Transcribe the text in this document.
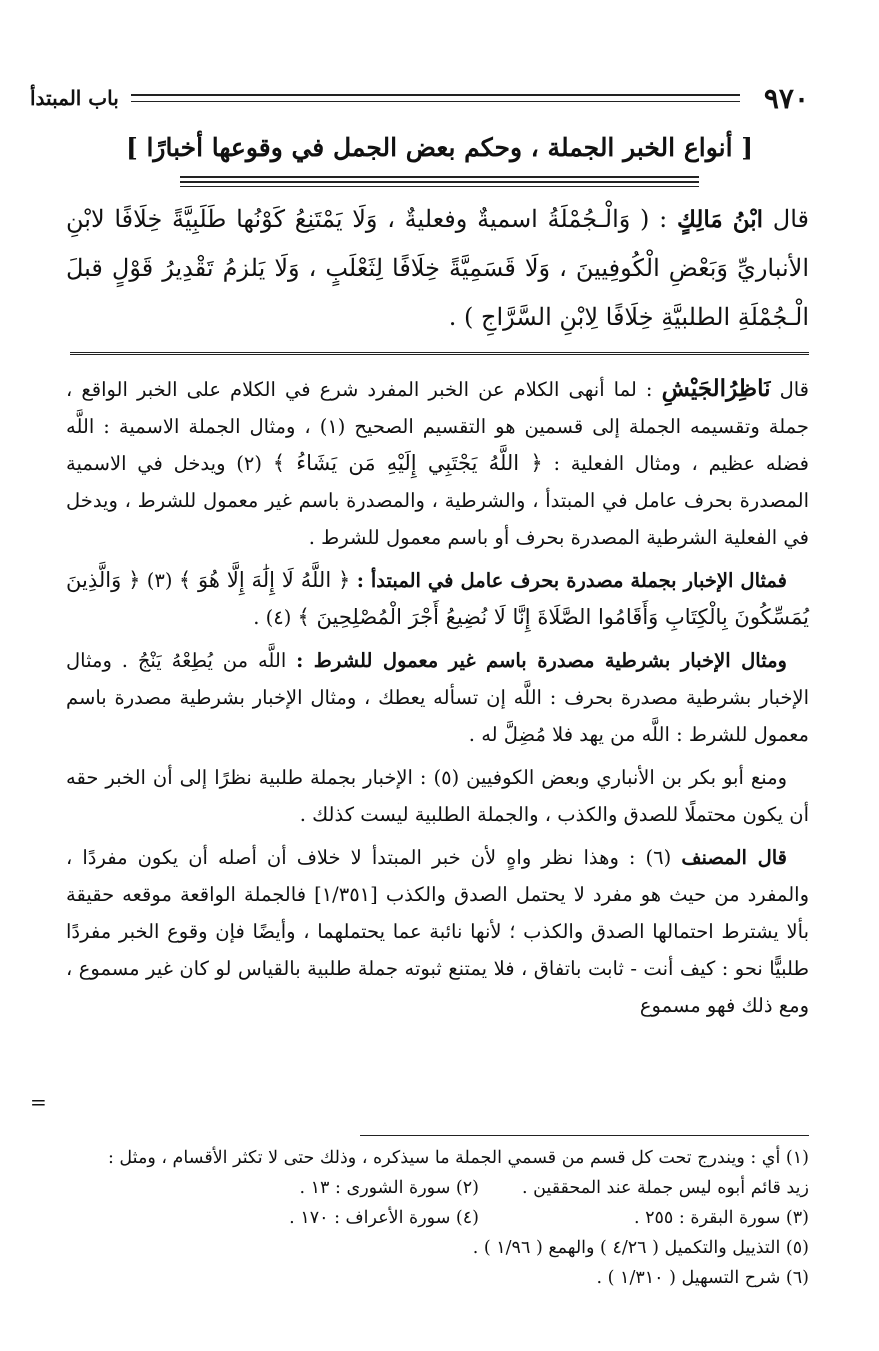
٩٧٠
باب المبتدأ
[ أنواع الخبر الجملة ، وحكم بعض الجمل في وقوعها أخبارًا ]
قال ابْنُ مَالِكٍ : ( وَالْـجُمْلَةُ اسميةٌ وفعليةٌ ، وَلَا يَمْتَنِعُ كَوْنُها طَلَبِيَّةً خِلَافًا لابْنِ الأنباريِّ وَبَعْضِ الْكُوفِيينَ ، وَلَا قَسَمِيَّةً خِلَافًا لِثَعْلَبٍ ، وَلَا يَلزمُ تَقْدِيرُ قَوْلٍ قبلَ الْـجُمْلَةِ الطلبيَّةِ خِلَافًا لِابْنِ السَّرَّاجِ ) .

قال نَاظِرُالجَيْشِ : لما أنهى الكلام عن الخبر المفرد شرع في الكلام على الخبر الواقع ، جملة وتقسيمه الجملة إلى قسمين هو التقسيم الصحيح (١) ، ومثال الجملة الاسمية : اللَّه فضله عظيم ، ومثال الفعلية : ﴿ اللَّهُ يَجْتَبِي إِلَيْهِ مَن يَشَاءُ ﴾ (٢) ويدخل في الاسمية المصدرة بحرف عامل في المبتدأ ، والشرطية ، والمصدرة باسم غير معمول للشرط ، ويدخل في الفعلية الشرطية المصدرة بحرف أو باسم معمول للشرط .

فمثال الإخبار بجملة مصدرة بحرف عامل في المبتدأ : ﴿ اللَّهُ لَا إِلَٰهَ إِلَّا هُوَ ﴾ (٣) ﴿ وَالَّذِينَ يُمَسِّكُونَ بِالْكِتَابِ وَأَقَامُوا الصَّلَاةَ إِنَّا لَا نُضِيعُ أَجْرَ الْمُصْلِحِينَ ﴾ (٤) .

ومثال الإخبار بشرطية مصدرة باسم غير معمول للشرط : اللَّه من يُطِعْهُ يَنْجُ . ومثال الإخبار بشرطية مصدرة بحرف : اللَّه إن تسأله يعطك ، ومثال الإخبار بشرطية مصدرة باسم معمول للشرط : اللَّه من يهد فلا مُضِلَّ له .

ومنع أبو بكر بن الأنباري وبعض الكوفيين (٥) : الإخبار بجملة طلبية نظرًا إلى أن الخبر حقه أن يكون محتملًا للصدق والكذب ، والجملة الطلبية ليست كذلك .

قال المصنف (٦) : وهذا نظر واهٍ لأن خبر المبتدأ لا خلاف أن أصله أن يكون مفردًا ، والمفرد من حيث هو مفرد لا يحتمل الصدق والكذب [١/٣٥١] فالجملة الواقعة موقعه حقيقة بألا يشترط احتمالها الصدق والكذب ؛ لأنها نائبة عما يحتملهما ، وأيضًا فإن وقوع الخبر مفردًا طلبيًّا نحو : كيف أنت - ثابت باتفاق ، فلا يمتنع ثبوته جملة طلبية بالقياس لو كان غير مسموع ، ومع ذلك فهو مسموع

=
(١) أي : ويندرج تحت كل قسم من قسمي الجملة ما سيذكره ، وذلك حتى لا تكثر الأقسام ، ومثل :
زيد قائم أبوه ليس جملة عند المحققين .
(٢) سورة الشورى : ١٣ .
(٣) سورة البقرة : ٢٥٥ .
(٤) سورة الأعراف : ١٧٠ .
(٥) التذييل والتكميل ( ٤/٢٦ ) والهمع ( ١/٩٦ ) .
(٦) شرح التسهيل ( ١/٣١٠ ) .
